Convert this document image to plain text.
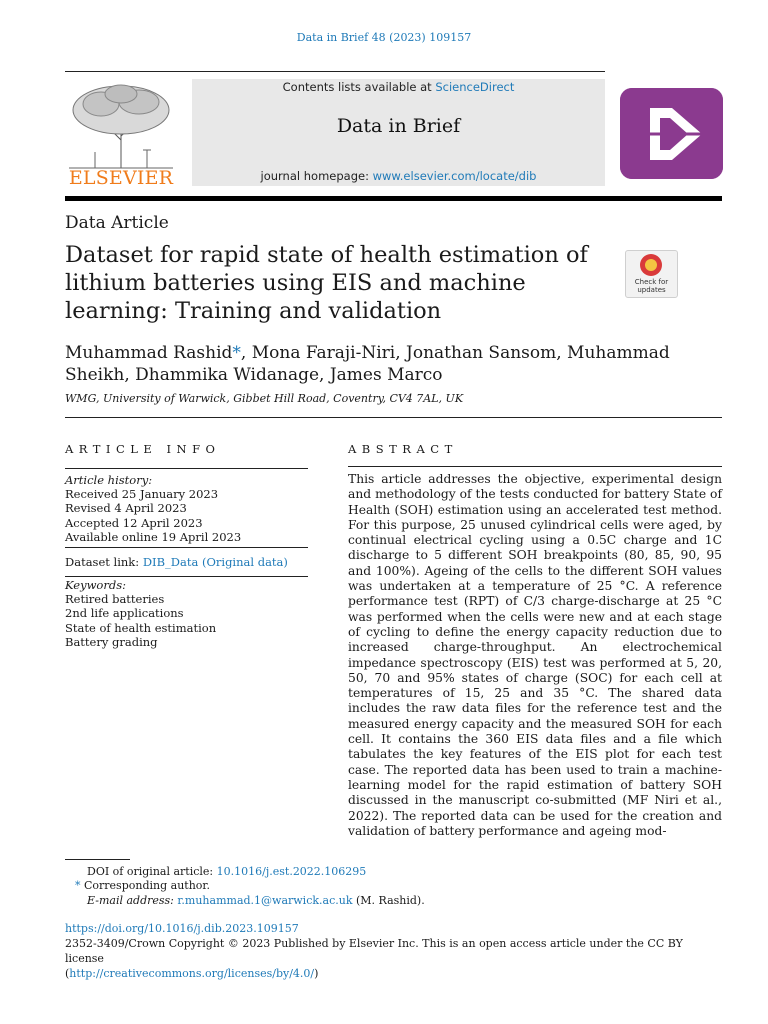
Data in Brief 48 (2023) 109157
ELSEVIER
Contents lists available at ScienceDirect
Data in Brief
journal homepage: www.elsevier.com/locate/dib
Data Article
Dataset for rapid state of health estimation of lithium batteries using EIS and machine learning: Training and validation
Check for updates
Muhammad Rashid*, Mona Faraji-Niri, Jonathan Sansom, Muhammad Sheikh, Dhammika Widanage, James Marco
WMG, University of Warwick, Gibbet Hill Road, Coventry, CV4 7AL, UK
ARTICLE INFO
Article history:
Received 25 January 2023
Revised 4 April 2023
Accepted 12 April 2023
Available online 19 April 2023
Dataset link: DIB_Data (Original data)
Keywords:
Retired batteries
2nd life applications
State of health estimation
Battery grading
ABSTRACT
This article addresses the objective, experimental design and methodology of the tests conducted for battery State of Health (SOH) estimation using an accelerated test method. For this purpose, 25 unused cylindrical cells were aged, by continual electrical cycling using a 0.5C charge and 1C discharge to 5 different SOH breakpoints (80, 85, 90, 95 and 100%). Ageing of the cells to the different SOH values was undertaken at a temperature of 25 °C. A reference performance test (RPT) of C/3 charge-discharge at 25 °C was performed when the cells were new and at each stage of cycling to define the energy capacity reduction due to increased charge-throughput. An electrochemical impedance spectroscopy (EIS) test was performed at 5, 20, 50, 70 and 95% states of charge (SOC) for each cell at temperatures of 15, 25 and 35 °C. The shared data includes the raw data files for the reference test and the measured energy capacity and the measured SOH for each cell. It contains the 360 EIS data files and a file which tabulates the key features of the EIS plot for each test case. The reported data has been used to train a machine-learning model for the rapid estimation of battery SOH discussed in the manuscript co-submitted (MF Niri et al., 2022). The reported data can be used for the creation and validation of battery performance and ageing mod-
DOI of original article: 10.1016/j.est.2022.106295
* Corresponding author.
E-mail address: r.muhammad.1@warwick.ac.uk (M. Rashid).
https://doi.org/10.1016/j.dib.2023.109157
2352-3409/Crown Copyright © 2023 Published by Elsevier Inc. This is an open access article under the CC BY license
(http://creativecommons.org/licenses/by/4.0/)
